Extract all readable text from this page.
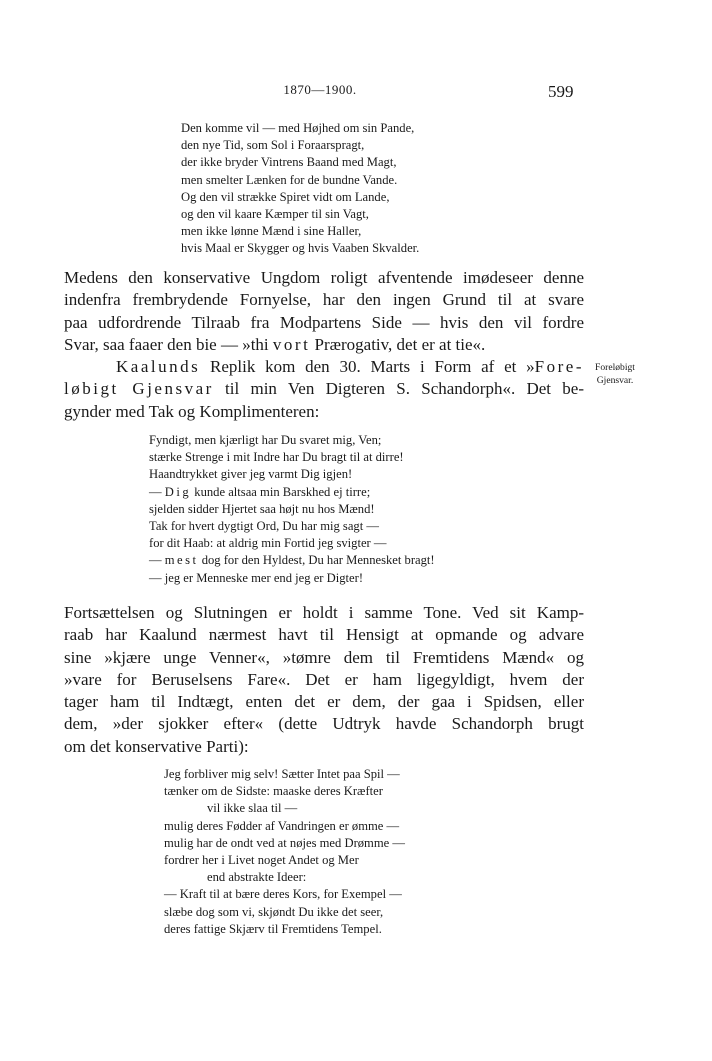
1870—1900.	599
Den komme vil — med Højhed om sin Pande,
den nye Tid, som Sol i Foraarspragt,
der ikke bryder Vintrens Baand med Magt,
men smelter Lænken for de bundne Vande.
Og den vil strække Spiret vidt om Lande,
og den vil kaare Kæmper til sin Vagt,
men ikke lønne Mænd i sine Haller,
hvis Maal er Skygger og hvis Vaaben Skvalder.
Medens den konservative Ungdom roligt afventende imødeseer denne
indenfra frembrydende Fornyelse, har den ingen Grund til at svare
paa udfordrende Tilraab fra Modpartens Side — hvis den vil fordre
Svar, saa faaer den bie — »thi vort Prærogativ, det er at tie«.
Kaalunds Replik kom den 30. Marts i Form af et »Fore-
løbigt Gjensvar til min Ven Digteren S. Schandorph«. Det be-
gynder med Tak og Komplimenteren:
Foreløbigt
Gjensvar.
Fyndigt, men kjærligt har Du svaret mig, Ven;
stærke Strenge i mit Indre har Du bragt til at dirre!
Haandtrykket giver jeg varmt Dig igjen!
— Dig kunde altsaa min Barskhed ej tirre;
sjelden sidder Hjertet saa højt nu hos Mænd!
Tak for hvert dygtigt Ord, Du har mig sagt —
for dit Haab: at aldrig min Fortid jeg svigter —
— mest dog for den Hyldest, Du har Mennesket bragt!
— jeg er Menneske mer end jeg er Digter!
Fortsættelsen og Slutningen er holdt i samme Tone. Ved sit Kamp-
raab har Kaalund nærmest havt til Hensigt at opmande og advare
sine »kjære unge Venner«, »tømre dem til Fremtidens Mænd« og
»vare for Beruselsens Fare«. Det er ham ligegyldigt, hvem der
tager ham til Indtægt, enten det er dem, der gaa i Spidsen, eller
dem, »der sjokker efter« (dette Udtryk havde Schandorph brugt
om det konservative Parti):
Jeg forbliver mig selv! Sætter Intet paa Spil —
tænker om de Sidste: maaske deres Kræfter
vil ikke slaa til —
mulig deres Fødder af Vandringen er ømme —
mulig har de ondt ved at nøjes med Drømme —
fordrer her i Livet noget Andet og Mer
end abstrakte Ideer:
— Kraft til at bære deres Kors, for Exempel —
slæbe dog som vi, skjøndt Du ikke det seer,
deres fattige Skjærv til Fremtidens Tempel.
